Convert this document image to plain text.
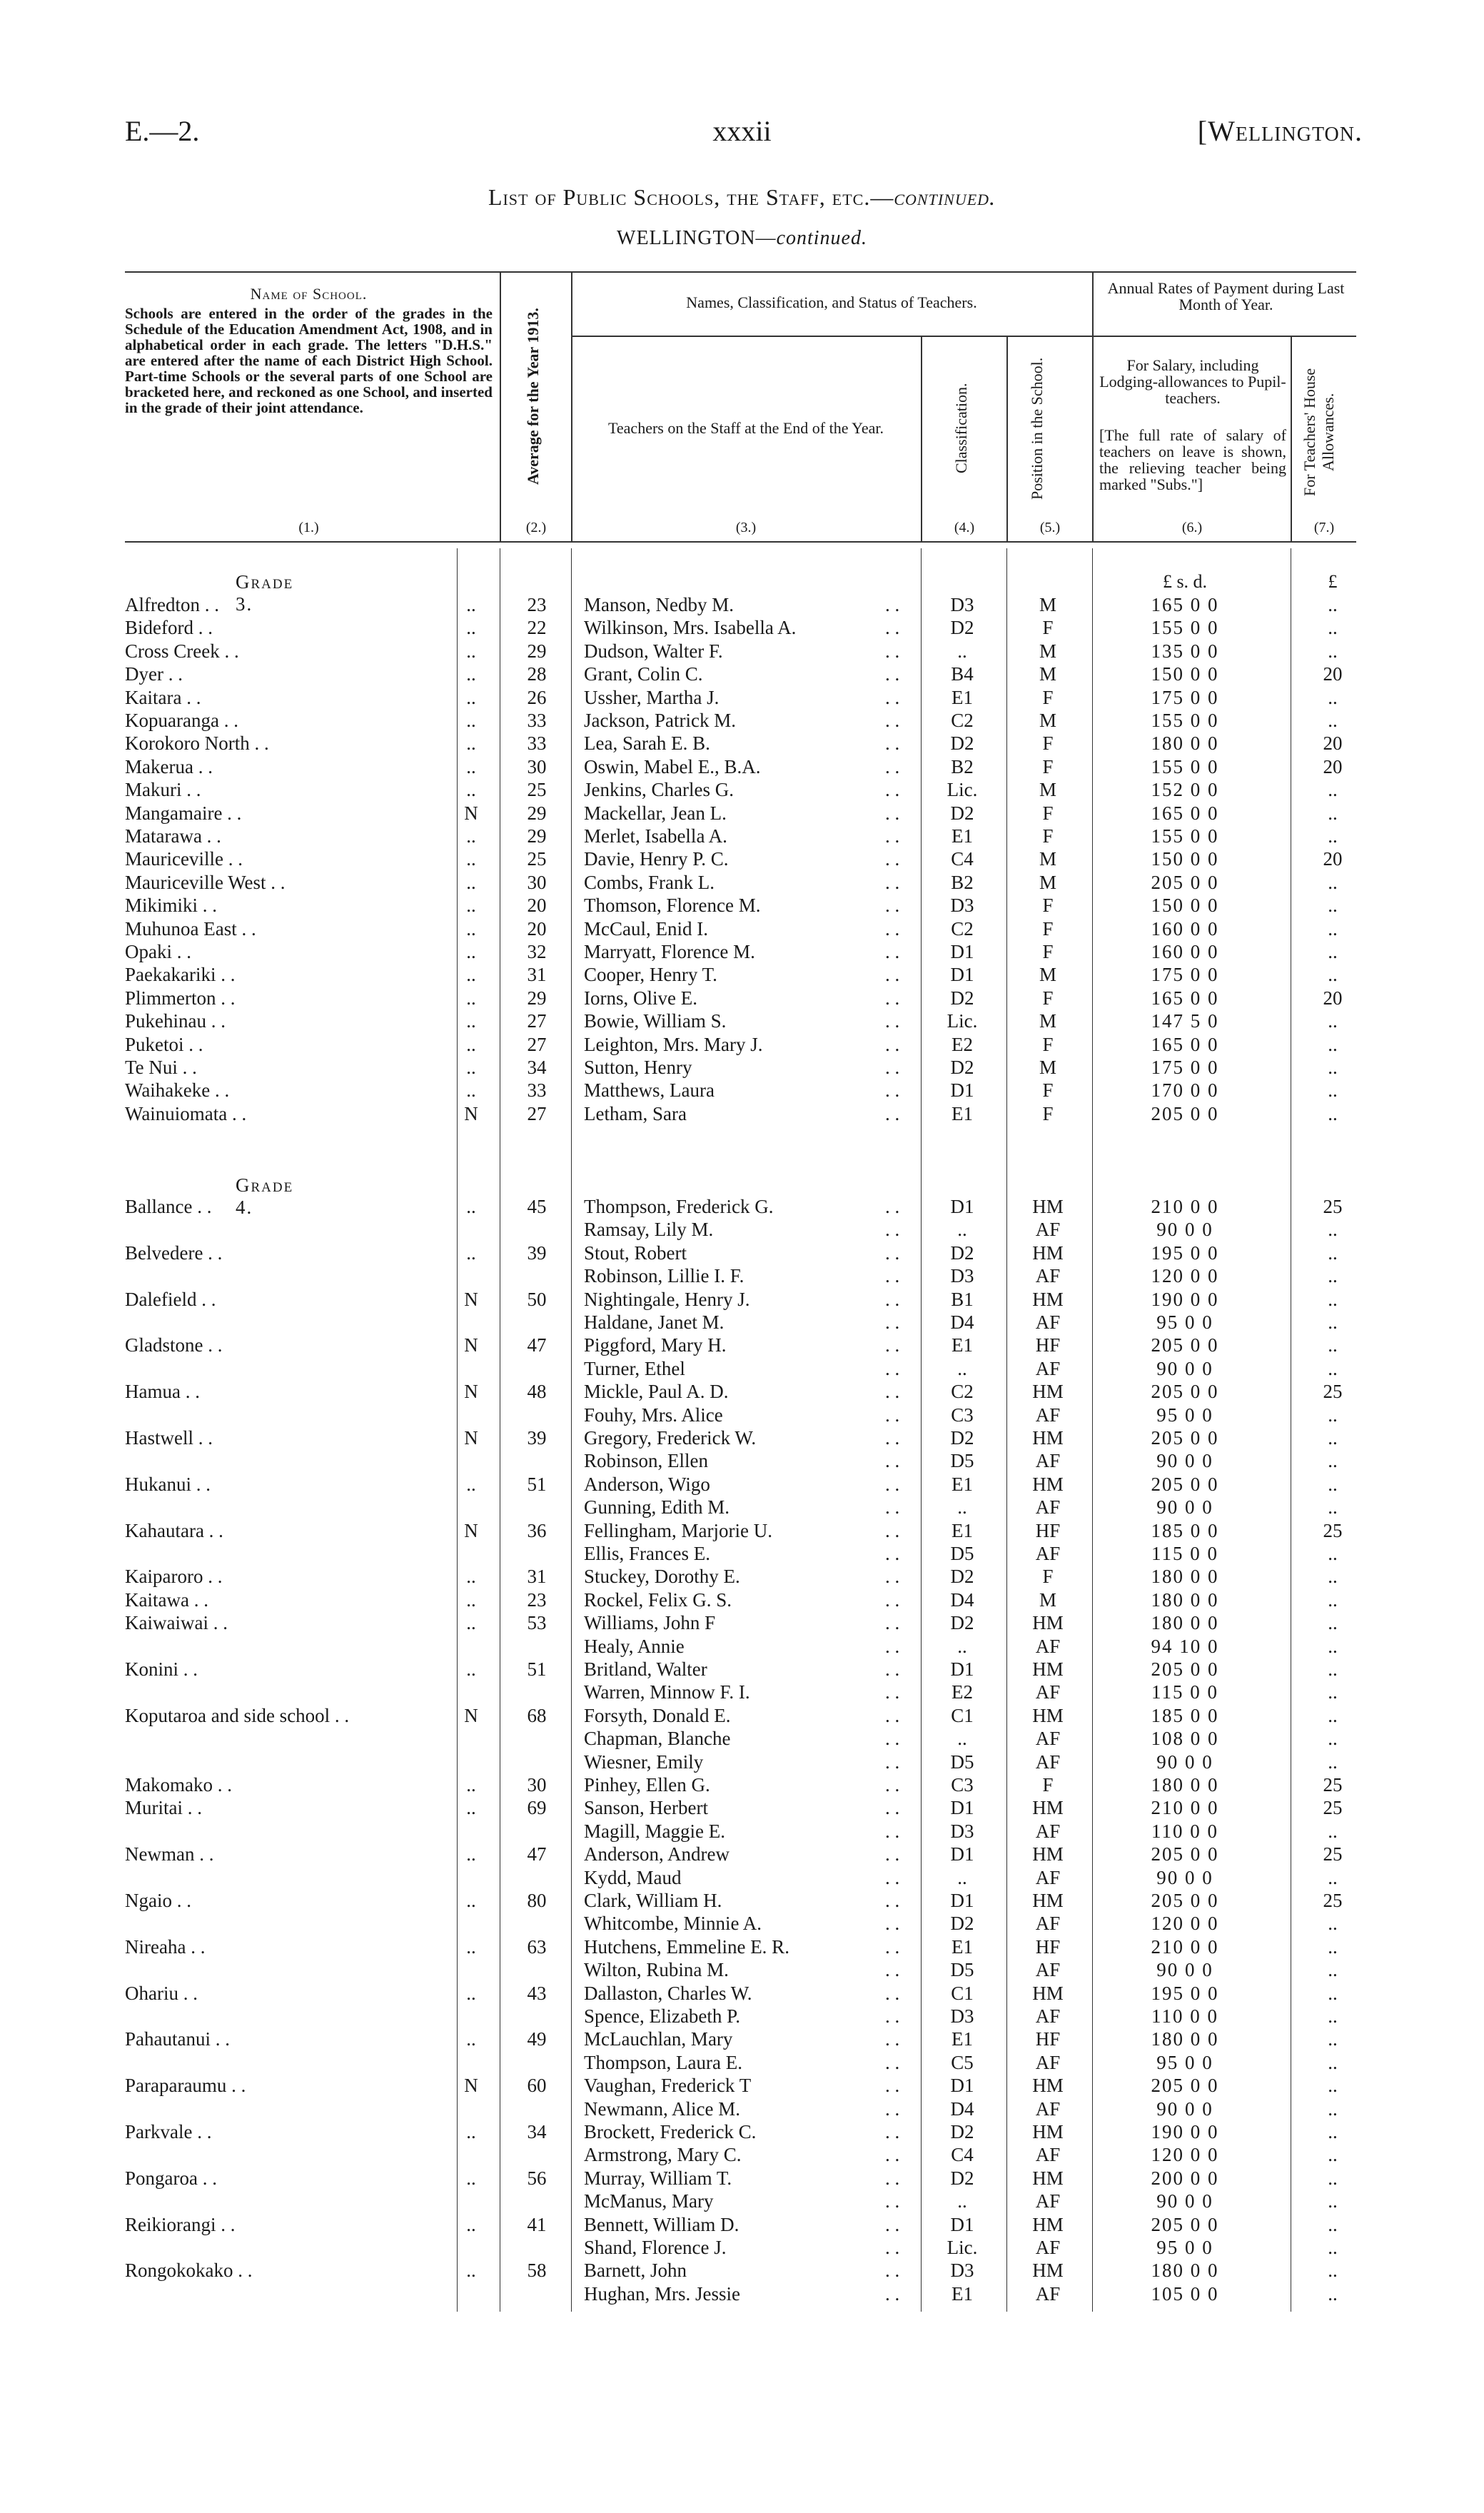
E.—2.	xxxii	[Wellington.
List of Public Schools, the Staff, etc.—continued.
WELLINGTON—continued.
Name of School.
Schools are entered in the order of the grades in the Schedule of the Education Amendment Act, 1908, and in alphabetical order in each grade. The letters "D.H.S." are entered after the name of each District High School. Part-time Schools or the several parts of one School are bracketed here, and reckoned as one School, and inserted in the grade of their joint attendance.
(1.)
Average for the Year 1913.
(2.)
Names, Classification, and Status of Teachers.
Teachers on the Staff at the End of the Year.
(3.)
Classification.
(4.)
Position in the School.
(5.)
Annual Rates of Payment during Last Month of Year.
For Salary, including Lodging-allowances to Pupil-teachers.
[The full rate of salary of teachers on leave is shown, the relieving teacher being marked "Subs."]
(6.)
For Teachers' House Allowances.
(7.)
£ s. d.	£
Grade 3.
Alfredton . .	..	23	Manson, Nedby M.	. .	D3	M	165 0 0	..
Bideford . .	..	22	Wilkinson, Mrs. Isabella A.	. .	D2	F	155 0 0	..
Cross Creek . .	..	29	Dudson, Walter F.	. .	..	M	135 0 0	..
Dyer . .	..	28	Grant, Colin C.	. .	B4	M	150 0 0	20
Kaitara . .	..	26	Ussher, Martha J.	. .	E1	F	175 0 0	..
Kopuaranga . .	..	33	Jackson, Patrick M.	. .	C2	M	155 0 0	..
Korokoro North . .	..	33	Lea, Sarah E. B.	. .	D2	F	180 0 0	20
Makerua . .	..	30	Oswin, Mabel E., B.A.	. .	B2	F	155 0 0	20
Makuri . .	..	25	Jenkins, Charles G.	. .	Lic.	M	152 0 0	..
Mangamaire . .	N	29	Mackellar, Jean L.	. .	D2	F	165 0 0	..
Matarawa . .	..	29	Merlet, Isabella A.	. .	E1	F	155 0 0	..
Mauriceville . .	..	25	Davie, Henry P. C.	. .	C4	M	150 0 0	20
Mauriceville West . .	..	30	Combs, Frank L.	. .	B2	M	205 0 0	..
Mikimiki . .	..	20	Thomson, Florence M.	. .	D3	F	150 0 0	..
Muhunoa East . .	..	20	McCaul, Enid I.	. .	C2	F	160 0 0	..
Opaki . .	..	32	Marryatt, Florence M.	. .	D1	F	160 0 0	..
Paekakariki . .	..	31	Cooper, Henry T.	. .	D1	M	175 0 0	..
Plimmerton . .	..	29	Iorns, Olive E.	. .	D2	F	165 0 0	20
Pukehinau . .	..	27	Bowie, William S.	. .	Lic.	M	147 5 0	..
Puketoi . .	..	27	Leighton, Mrs. Mary J.	. .	E2	F	165 0 0	..
Te Nui . .	..	34	Sutton, Henry	. .	D2	M	175 0 0	..
Waihakeke . .	..	33	Matthews, Laura	. .	D1	F	170 0 0	..
Wainuiomata . .	N	27	Letham, Sara	. .	E1	F	205 0 0	..
Grade 4.
Ballance . .	..	45	Thompson, Frederick G.	. .	D1	HM	210 0 0	25
Ramsay, Lily M.	. .	..	AF	90 0 0	..
Belvedere . .	..	39	Stout, Robert	. .	D2	HM	195 0 0	..
Robinson, Lillie I. F.	. .	D3	AF	120 0 0	..
Dalefield . .	N	50	Nightingale, Henry J.	. .	B1	HM	190 0 0	..
Haldane, Janet M.	. .	D4	AF	95 0 0	..
Gladstone . .	N	47	Piggford, Mary H.	. .	E1	HF	205 0 0	..
Turner, Ethel	. .	..	AF	90 0 0	..
Hamua . .	N	48	Mickle, Paul A. D.	. .	C2	HM	205 0 0	25
Fouhy, Mrs. Alice	. .	C3	AF	95 0 0	..
Hastwell . .	N	39	Gregory, Frederick W.	. .	D2	HM	205 0 0	..
Robinson, Ellen	. .	D5	AF	90 0 0	..
Hukanui . .	..	51	Anderson, Wigo	. .	E1	HM	205 0 0	..
Gunning, Edith M.	. .	..	AF	90 0 0	..
Kahautara . .	N	36	Fellingham, Marjorie U.	. .	E1	HF	185 0 0	25
Ellis, Frances E.	. .	D5	AF	115 0 0	..
Kaiparoro . .	..	31	Stuckey, Dorothy E.	. .	D2	F	180 0 0	..
Kaitawa . .	..	23	Rockel, Felix G. S.	. .	D4	M	180 0 0	..
Kaiwaiwai . .	..	53	Williams, John F	. .	D2	HM	180 0 0	..
Healy, Annie	. .	..	AF	94 10 0	..
Konini . .	..	51	Britland, Walter	. .	D1	HM	205 0 0	..
Warren, Minnow F. I.	. .	E2	AF	115 0 0	..
Koputaroa and side school . .	N	68	Forsyth, Donald E.	. .	C1	HM	185 0 0	..
Chapman, Blanche	. .	..	AF	108 0 0	..
Wiesner, Emily	. .	D5	AF	90 0 0	..
Makomako . .	..	30	Pinhey, Ellen G.	. .	C3	F	180 0 0	25
Muritai . .	..	69	Sanson, Herbert	. .	D1	HM	210 0 0	25
Magill, Maggie E.	. .	D3	AF	110 0 0	..
Newman . .	..	47	Anderson, Andrew	. .	D1	HM	205 0 0	25
Kydd, Maud	. .	..	AF	90 0 0	..
Ngaio . .	..	80	Clark, William H.	. .	D1	HM	205 0 0	25
Whitcombe, Minnie A.	. .	D2	AF	120 0 0	..
Nireaha . .	..	63	Hutchens, Emmeline E. R.	. .	E1	HF	210 0 0	..
Wilton, Rubina M.	. .	D5	AF	90 0 0	..
Ohariu . .	..	43	Dallaston, Charles W.	. .	C1	HM	195 0 0	..
Spence, Elizabeth P.	. .	D3	AF	110 0 0	..
Pahautanui . .	..	49	McLauchlan, Mary	. .	E1	HF	180 0 0	..
Thompson, Laura E.	. .	C5	AF	95 0 0	..
Paraparaumu . .	N	60	Vaughan, Frederick T	. .	D1	HM	205 0 0	..
Newmann, Alice M.	. .	D4	AF	90 0 0	..
Parkvale . .	..	34	Brockett, Frederick C.	. .	D2	HM	190 0 0	..
Armstrong, Mary C.	. .	C4	AF	120 0 0	..
Pongaroa . .	..	56	Murray, William T.	. .	D2	HM	200 0 0	..
McManus, Mary	. .	..	AF	90 0 0	..
Reikiorangi . .	..	41	Bennett, William D.	. .	D1	HM	205 0 0	..
Shand, Florence J.	. .	Lic.	AF	95 0 0	..
Rongokokako . .	..	58	Barnett, John	. .	D3	HM	180 0 0	..
Hughan, Mrs. Jessie	. .	E1	AF	105 0 0	..
